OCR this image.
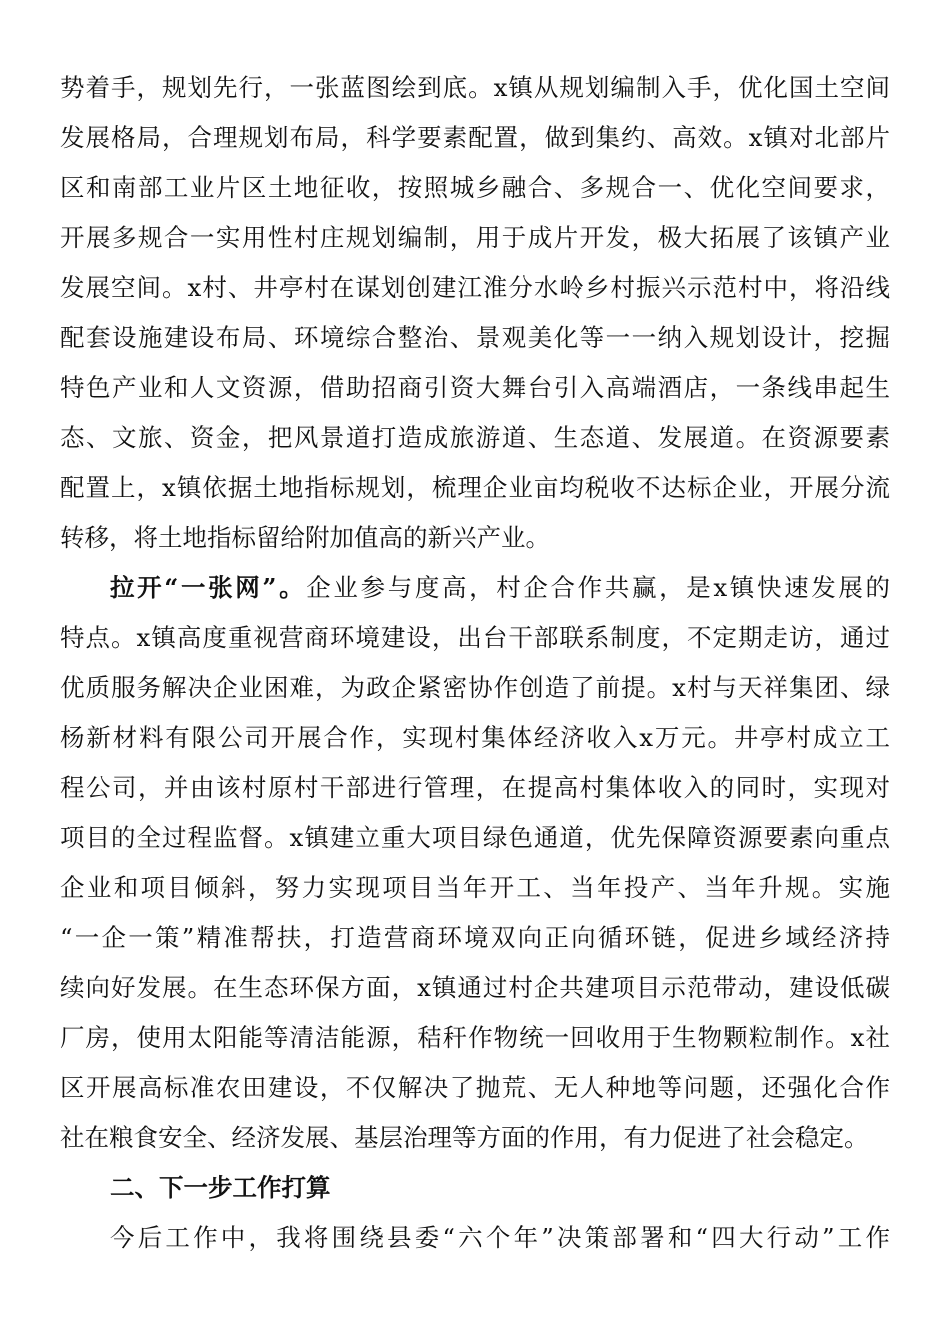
势着手，规划先行，一张蓝图绘到底。x镇从规划编制入手，优化国土空间
发展格局，合理规划布局，科学要素配置，做到集约、高效。x镇对北部片
区和南部工业片区土地征收，按照城乡融合、多规合一、优化空间要求，
开展多规合一实用性村庄规划编制，用于成片开发，极大拓展了该镇产业
发展空间。x村、井亭村在谋划创建江淮分水岭乡村振兴示范村中，将沿线
配套设施建设布局、环境综合整治、景观美化等一一纳入规划设计，挖掘
特色产业和人文资源，借助招商引资大舞台引入高端酒店，一条线串起生
态、文旅、资金，把风景道打造成旅游道、生态道、发展道。在资源要素
配置上，x镇依据土地指标规划，梳理企业亩均税收不达标企业，开展分流
转移，将土地指标留给附加值高的新兴产业。
拉开“一张网”。企业参与度高，村企合作共赢，是x镇快速发展的
特点。x镇高度重视营商环境建设，出台干部联系制度，不定期走访，通过
优质服务解决企业困难，为政企紧密协作创造了前提。x村与天祥集团、绿
杨新材料有限公司开展合作，实现村集体经济收入x万元。井亭村成立工
程公司，并由该村原村干部进行管理，在提高村集体收入的同时，实现对
项目的全过程监督。x镇建立重大项目绿色通道，优先保障资源要素向重点
企业和项目倾斜，努力实现项目当年开工、当年投产、当年升规。实施
“一企一策”精准帮扶，打造营商环境双向正向循环链，促进乡域经济持
续向好发展。在生态环保方面，x镇通过村企共建项目示范带动，建设低碳
厂房，使用太阳能等清洁能源，秸秆作物统一回收用于生物颗粒制作。x社
区开展高标准农田建设，不仅解决了抛荒、无人种地等问题，还强化合作
社在粮食安全、经济发展、基层治理等方面的作用，有力促进了社会稳定。
二、下一步工作打算
今后工作中，我将围绕县委“六个年”决策部署和“四大行动”工作
